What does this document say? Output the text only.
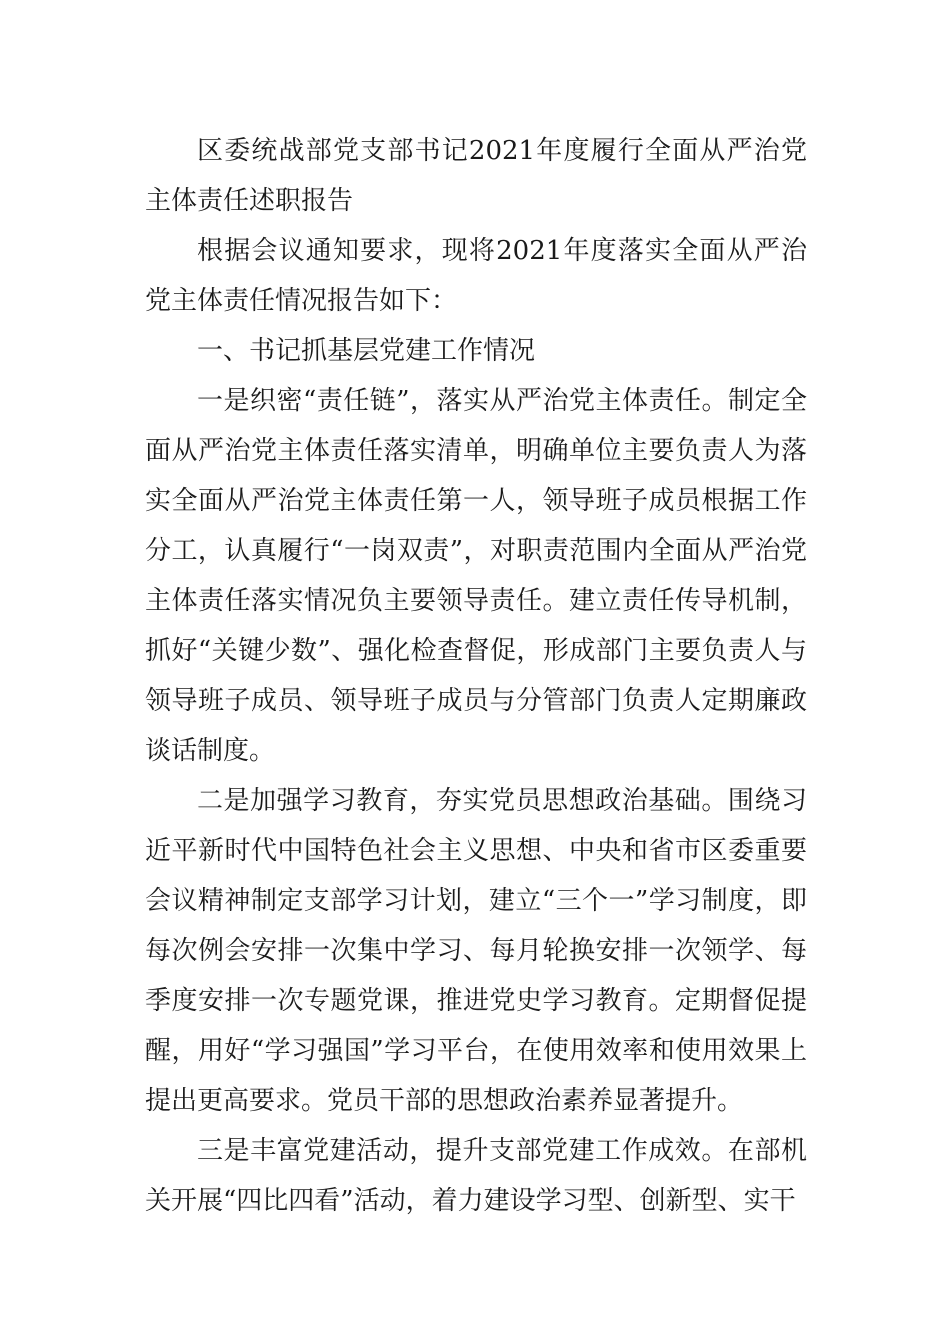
区委统战部党支部书记2021年度履行全面从严治党主体责任述职报告

根据会议通知要求，现将2021年度落实全面从严治党主体责任情况报告如下：

一、书记抓基层党建工作情况

一是织密“责任链”，落实从严治党主体责任。制定全面从严治党主体责任落实清单，明确单位主要负责人为落实全面从严治党主体责任第一人，领导班子成员根据工作分工，认真履行“一岗双责”，对职责范围内全面从严治党主体责任落实情况负主要领导责任。建立责任传导机制，抓好“关键少数”、强化检查督促，形成部门主要负责人与领导班子成员、领导班子成员与分管部门负责人定期廉政谈话制度。

二是加强学习教育，夯实党员思想政治基础。围绕习近平新时代中国特色社会主义思想、中央和省市区委重要会议精神制定支部学习计划，建立“三个一”学习制度，即每次例会安排一次集中学习、每月轮换安排一次领学、每季度安排一次专题党课，推进党史学习教育。定期督促提醒，用好“学习强国”学习平台，在使用效率和使用效果上提出更高要求。党员干部的思想政治素养显著提升。

三是丰富党建活动，提升支部党建工作成效。在部机关开展“四比四看”活动，着力建设学习型、创新型、实干
